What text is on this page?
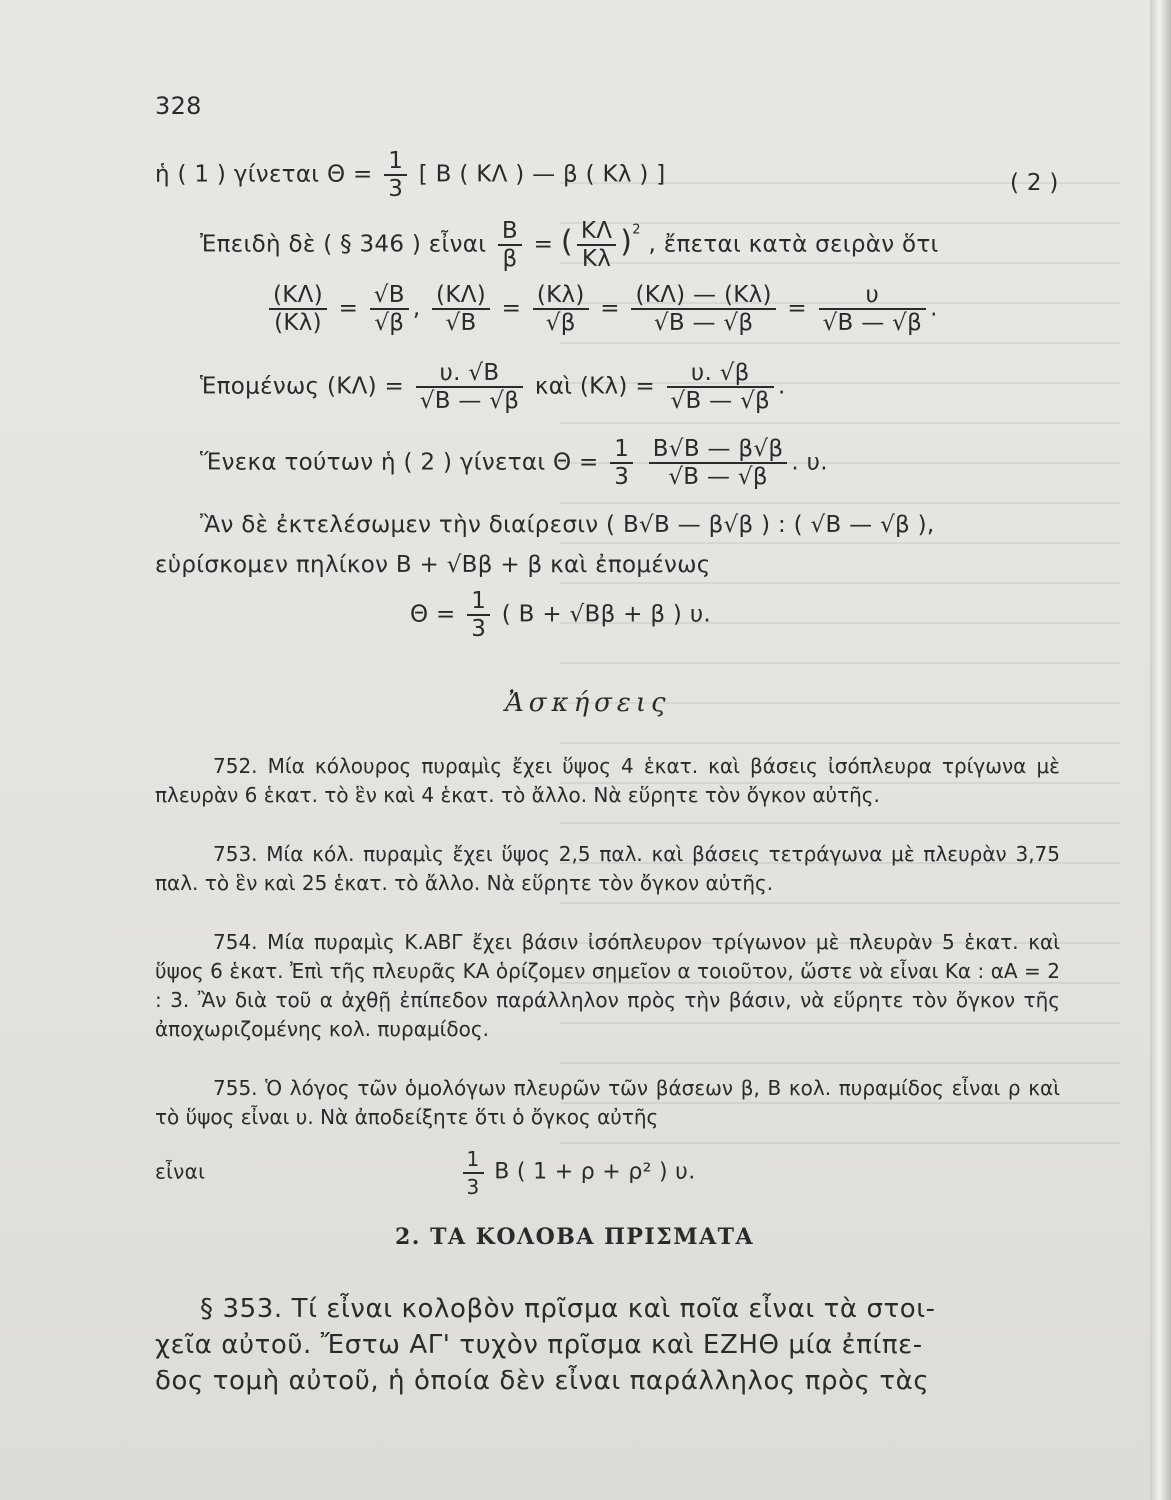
328
ἡ ( 1 ) γίνεται $\Theta = \frac{1}{3}$ [ Β ( ΚΛ ) — β ( Κλ ) ]	( 2 )
Ἐπειδὴ δὲ ( § 346 ) εἶναι $\frac{B}{\beta}$ = ( $\frac{K\Lambda}{K\lambda} )^2$ , ἔπεται κατὰ σειρὰν ὅτι
$\frac{(K\Lambda)}{(K\lambda)} = \frac{√B}{√\beta}$ , $\frac{(K\Lambda)}{√B} = \frac{(K\lambda)}{√\beta} = \frac{(K\Lambda) — (K\lambda)}{√B — √\beta} = \frac{\upsilon}{√B — √\beta}$ .
Ἑπομένως $(K\Lambda) = \frac{\upsilon. √B}{√B — √\beta}$ καὶ $(K\lambda) = \frac{\upsilon. √\beta}{√B — √\beta}$ .
Ἕνεκα τούτων ἡ ( 2 ) γίνεται $\Theta = \frac{1}{3}$
$\frac{B√B — \beta√\beta}{√B — √\beta}$ . υ.
Ἂν δὲ ἐκτελέσωμεν τὴν διαίρεσιν ( Β√Β — β√β ) : ( √Β — √β ),
εὑρίσκομεν πηλίκον Β + √Ββ + β καὶ ἐπομένως
$\Theta = \frac{1}{3}$ ( Β + √Ββ + β ) υ.
Ἀσκήσεις
752. Μία κόλουρος πυραμὶς ἔχει ὕψος 4 ἑκατ. καὶ βάσεις ἰσόπλευρα τρίγωνα μὲ πλευρὰν 6 ἑκατ. τὸ ἓν καὶ 4 ἑκατ. τὸ ἄλλο. Νὰ εὕρητε τὸν ὄγκον αὐτῆς.
753. Μία κόλ. πυραμὶς ἔχει ὕψος 2,5 παλ. καὶ βάσεις τετράγωνα μὲ πλευρὰν 3,75 παλ. τὸ ἓν καὶ 25 ἑκατ. τὸ ἄλλο. Νὰ εὕρητε τὸν ὄγκον αὐτῆς.
754. Μία πυραμὶς Κ.ΑΒΓ ἔχει βάσιν ἰσόπλευρον τρίγωνον μὲ πλευρὰν 5 ἑκατ. καὶ ὕψος 6 ἑκατ. Ἐπὶ τῆς πλευρᾶς ΚΑ ὁρίζομεν σημεῖον α τοιοῦτον, ὥστε νὰ εἶναι Κα : αΑ = 2 : 3. Ἂν διὰ τοῦ α ἀχθῇ ἐπίπεδον παράλληλον πρὸς τὴν βάσιν, νὰ εὕρητε τὸν ὄγκον τῆς ἀποχωριζομένης κολ. πυραμίδος.
755. Ὁ λόγος τῶν ὁμολόγων πλευρῶν τῶν βάσεων β, Β κολ. πυραμίδος εἶναι ρ καὶ τὸ ὕψος εἶναι υ. Νὰ ἀποδείξητε ὅτι ὁ ὄγκος αὐτῆς
εἶναι	$\frac{1}{3}$ Β ( 1 + ρ + ρ² ) υ.
2. ΤΑ ΚΟΛΟΒΑ ΠΡΙΣΜΑΤΑ
§ 353. Τί εἶναι κολοβὸν πρῖσμα καὶ ποῖα εἶναι τὰ στοι-
χεῖα αὐτοῦ. Ἔστω ΑΓ' τυχὸν πρῖσμα καὶ ΕΖΗΘ μία ἐπίπε-
δος τομὴ αὐτοῦ, ἡ ὁποία δὲν εἶναι παράλληλος πρὸς τὰς
